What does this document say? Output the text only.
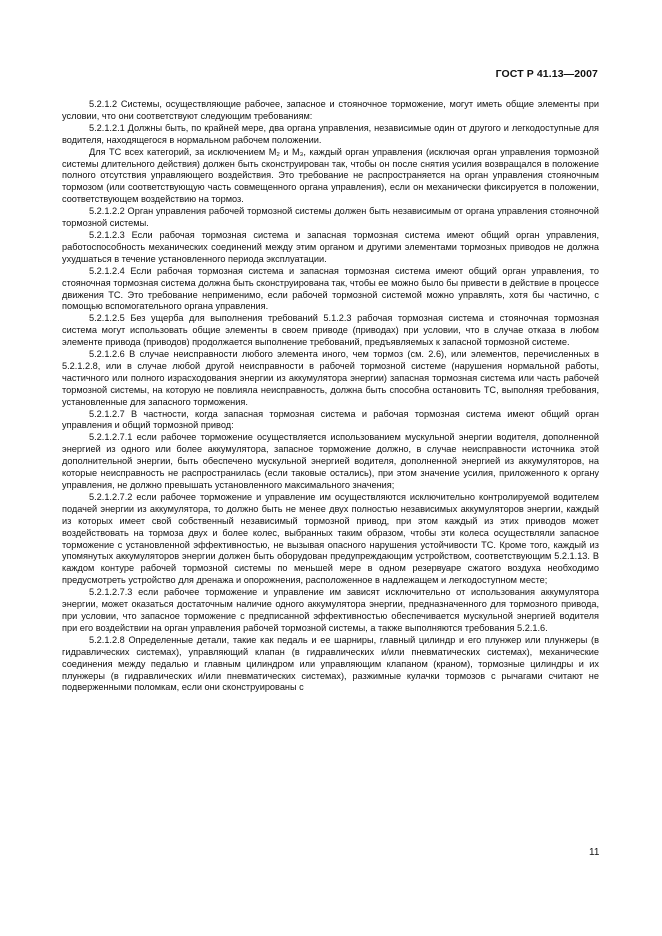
ГОСТ Р 41.13—2007

5.2.1.2 Системы, осуществляющие рабочее, запасное и стояночное торможение, могут иметь общие элементы при условии, что они соответствуют следующим требованиям:

5.2.1.2.1 Должны быть, по крайней мере, два органа управления, независимые один от другого и легкодоступные для водителя, находящегося в нормальном рабочем положении.

Для ТС всех категорий, за исключением M₂ и M₃, каждый орган управления (исключая орган управления тормозной системы длительного действия) должен быть сконструирован так, чтобы он после снятия усилия возвращался в положение полного отсутствия управляющего воздействия. Это требование не распространяется на орган управления стояночным тормозом (или соответствующую часть совмещенного органа управления), если он механически фиксируется в положении, соответствующем воздействию на тормоз.

5.2.1.2.2 Орган управления рабочей тормозной системы должен быть независимым от органа управления стояночной тормозной системы.

5.2.1.2.3 Если рабочая тормозная система и запасная тормозная система имеют общий орган управления, работоспособность механических соединений между этим органом и другими элементами тормозных приводов не должна ухудшаться в течение установленного периода эксплуатации.

5.2.1.2.4 Если рабочая тормозная система и запасная тормозная система имеют общий орган управления, то стояночная тормозная система должна быть сконструирована так, чтобы ее можно было бы привести в действие в процессе движения ТС. Это требование неприменимо, если рабочей тормозной системой можно управлять, хотя бы частично, с помощью вспомогательного органа управления.

5.2.1.2.5 Без ущерба для выполнения требований 5.1.2.3 рабочая тормозная система и стояночная тормозная система могут использовать общие элементы в своем приводе (приводах) при условии, что в случае отказа в любом элементе привода (приводов) продолжается выполнение требований, предъявляемых к запасной тормозной системе.

5.2.1.2.6 В случае неисправности любого элемента иного, чем тормоз (см. 2.6), или элементов, перечисленных в 5.2.1.2.8, или в случае любой другой неисправности в рабочей тормозной системе (нарушения нормальной работы, частичного или полного израсходования энергии из аккумулятора энергии) запасная тормозная система или часть рабочей тормозной системы, на которую не повлияла неисправность, должна быть способна остановить ТС, выполняя требования, установленные для запасного торможения.

5.2.1.2.7 В частности, когда запасная тормозная система и рабочая тормозная система имеют общий орган управления и общий тормозной привод:

5.2.1.2.7.1 если рабочее торможение осуществляется использованием мускульной энергии водителя, дополненной энергией из одного или более аккумулятора, запасное торможение должно, в случае неисправности источника этой дополнительной энергии, быть обеспечено мускульной энергией водителя, дополненной энергией из аккумуляторов, на которые неисправность не распространилась (если таковые остались), при этом значение усилия, приложенного к органу управления, не должно превышать установленного максимального значения;

5.2.1.2.7.2 если рабочее торможение и управление им осуществляются исключительно контролируемой водителем подачей энергии из аккумулятора, то должно быть не менее двух полностью независимых аккумуляторов энергии, каждый из которых имеет свой собственный независимый тормозной привод, при этом каждый из этих приводов может воздействовать на тормоза двух и более колес, выбранных таким образом, чтобы эти колеса осуществляли запасное торможение с установленной эффективностью, не вызывая опасного нарушения устойчивости ТС. Кроме того, каждый из упомянутых аккумуляторов энергии должен быть оборудован предупреждающим устройством, соответствующим 5.2.1.13. В каждом контуре рабочей тормозной системы по меньшей мере в одном резервуаре сжатого воздуха необходимо предусмотреть устройство для дренажа и опорожнения, расположенное в надлежащем и легкодоступном месте;

5.2.1.2.7.3 если рабочее торможение и управление им зависят исключительно от использования аккумулятора энергии, может оказаться достаточным наличие одного аккумулятора энергии, предназначенного для тормозного привода, при условии, что запасное торможение с предписанной эффективностью обеспечивается мускульной энергией водителя при его воздействии на орган управления рабочей тормозной системы, а также выполняются требования 5.2.1.6.

5.2.1.2.8 Определенные детали, такие как педаль и ее шарниры, главный цилиндр и его плунжер или плунжеры (в гидравлических системах), управляющий клапан (в гидравлических и/или пневматических системах), механические соединения между педалью и главным цилиндром или управляющим клапаном (краном), тормозные цилиндры и их плунжеры (в гидравлических и/или пневматических системах), разжимные кулачки тормозов с рычагами считают не подверженными поломкам, если они сконструированы с

11
